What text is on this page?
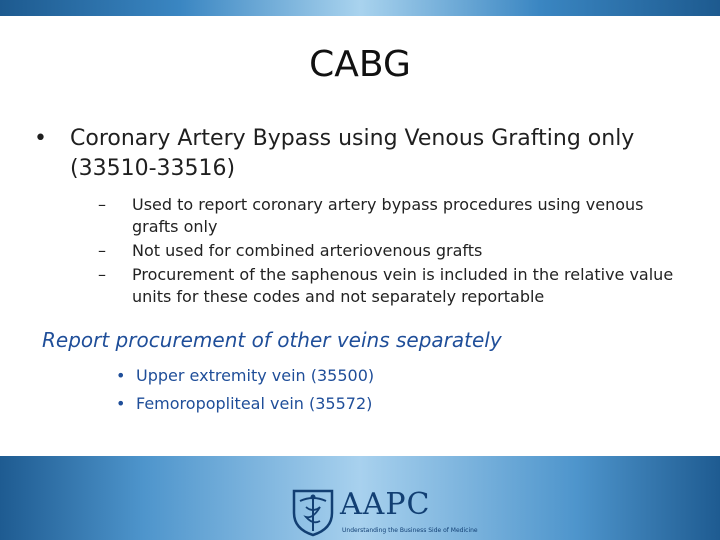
CABG
• Coronary Artery Bypass using Venous Grafting only
(33510-33516)
– Used to report coronary artery bypass procedures using venous grafts only
– Not used for combined arteriovenous grafts
– Procurement of the saphenous vein is included in the relative value units for these codes and not separately reportable
Report procurement of other veins separately
• Upper extremity vein (35500)
• Femoropopliteal vein (35572)
AAPC
Understanding the Business Side of Medicine
